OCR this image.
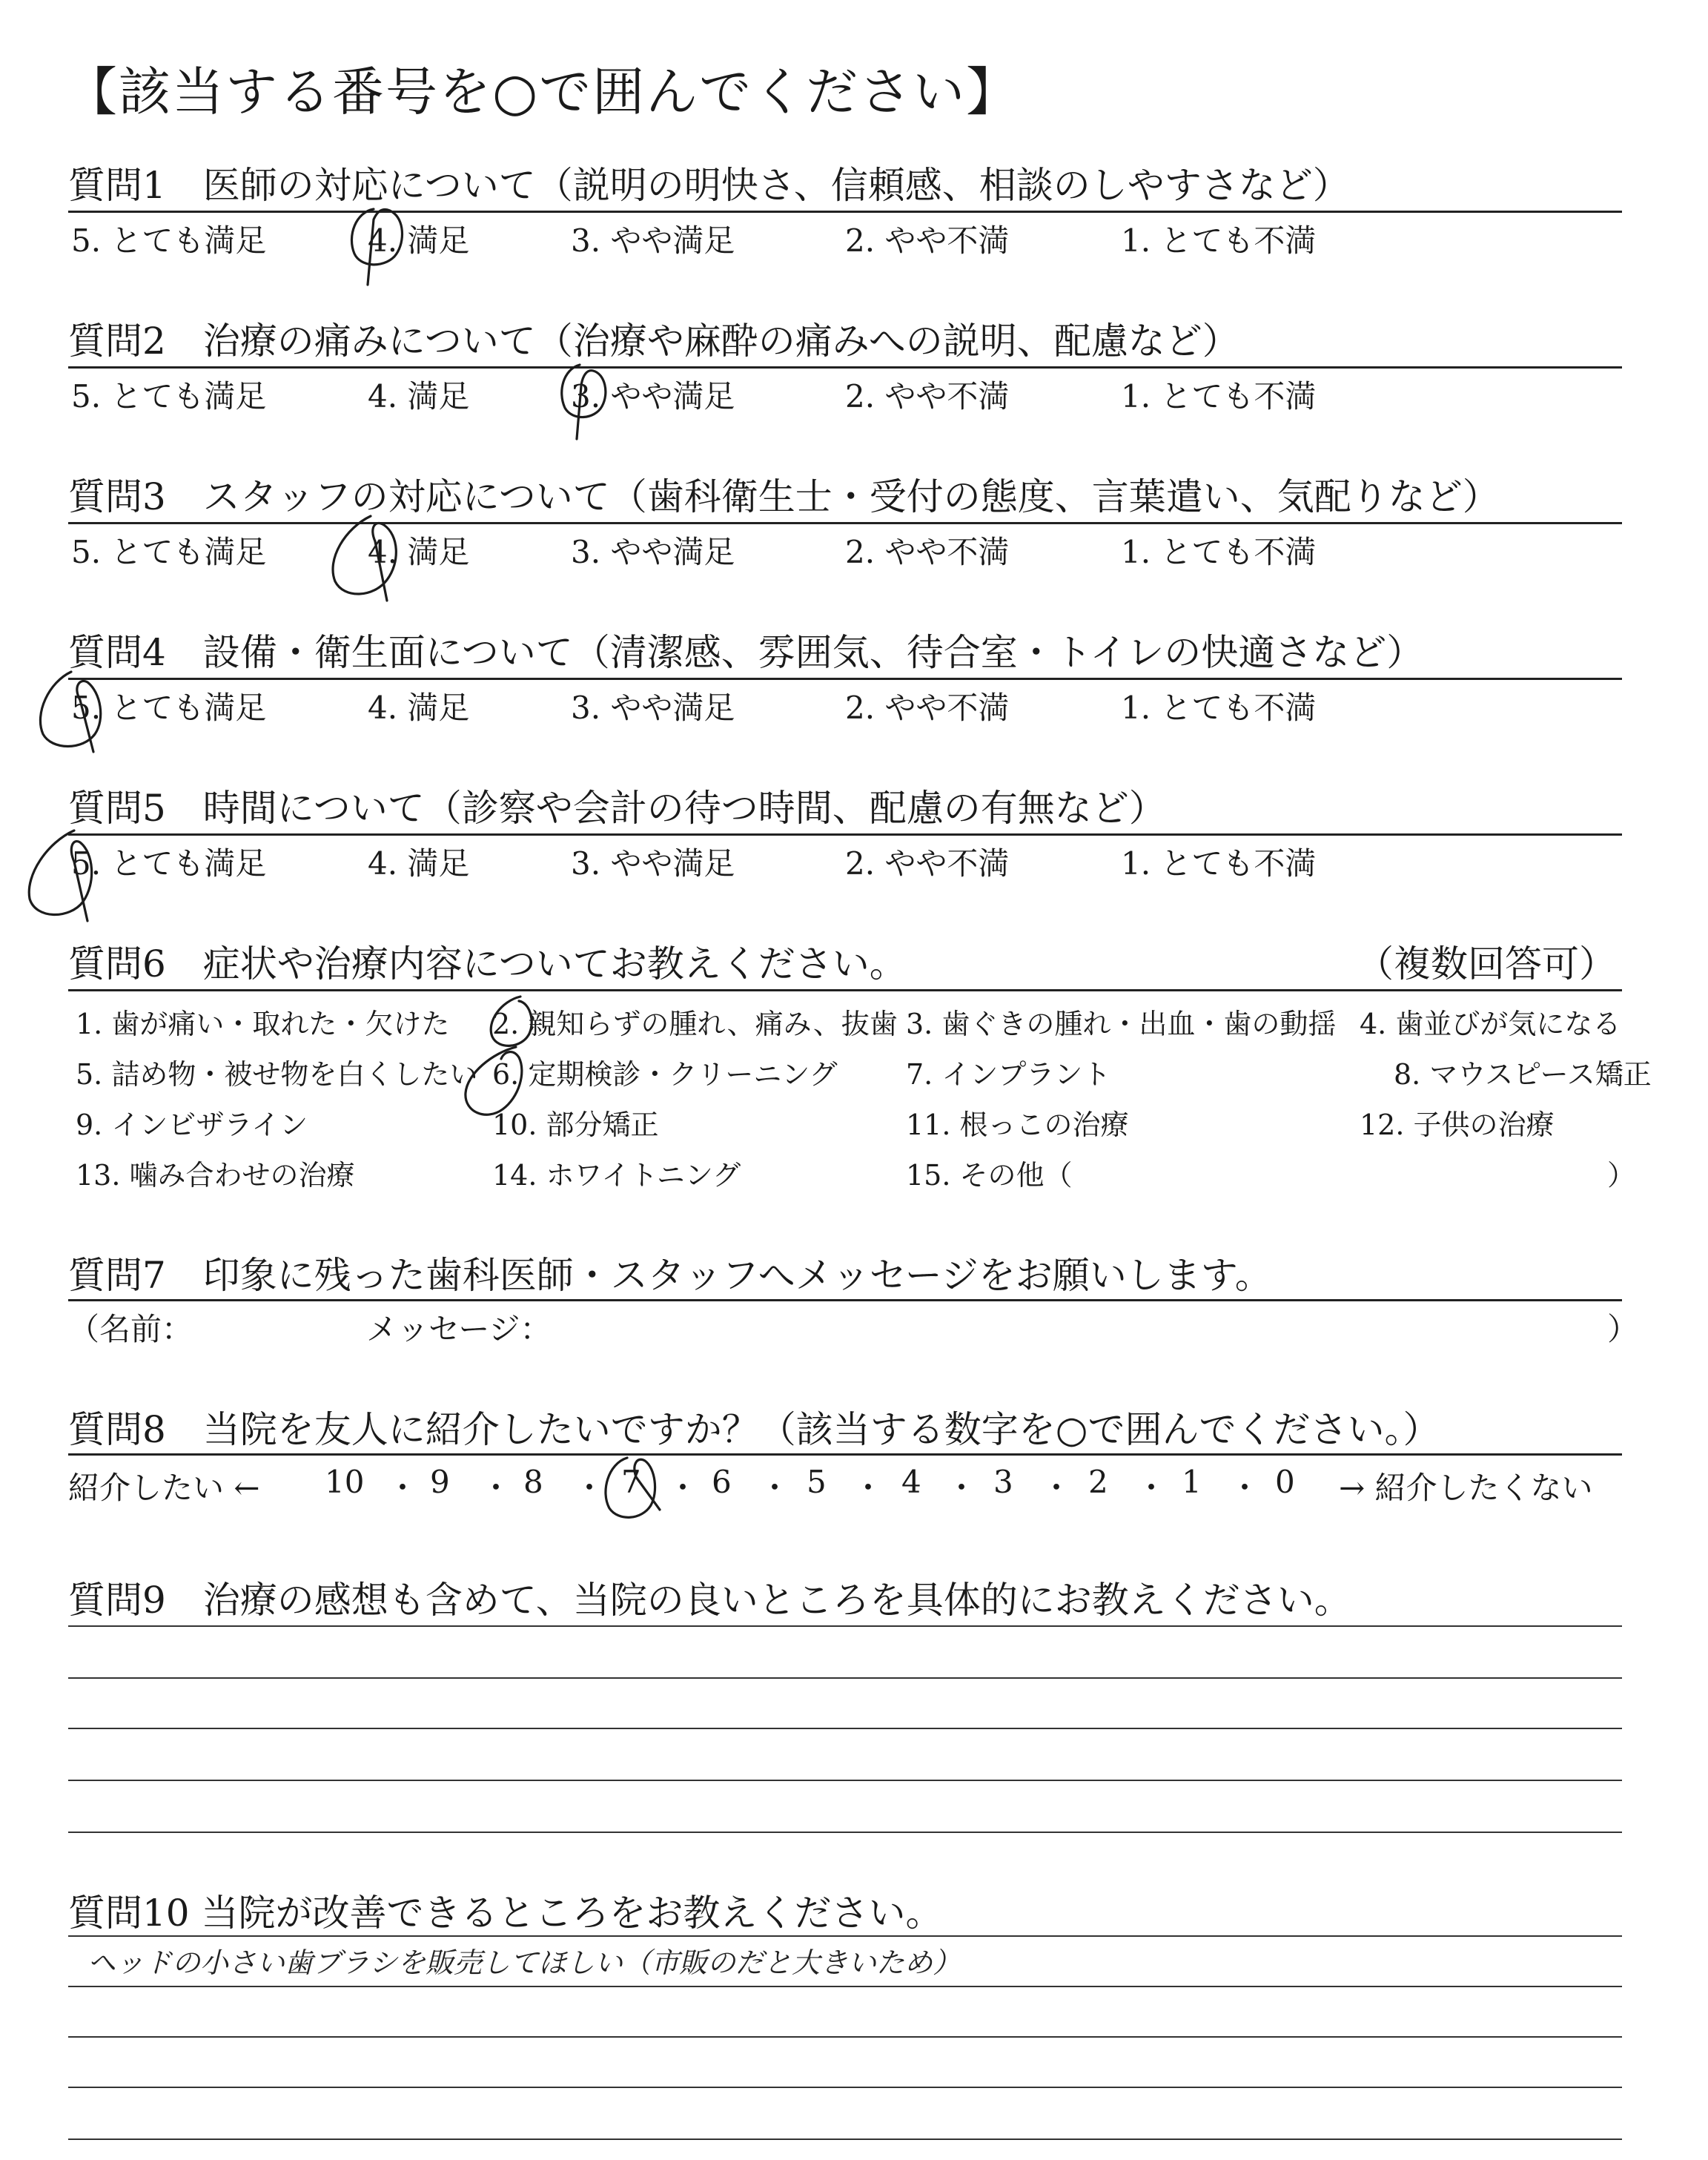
【該当する番号を○で囲んでください】
質問1　医師の対応について（説明の明快さ、信頼感、相談のしやすさなど）
5. とても満足	4. 満足	3. やや満足	2. やや不満	1. とても不満
質問2　治療の痛みについて（治療や麻酔の痛みへの説明、配慮など）
5. とても満足	4. 満足	3. やや満足	2. やや不満	1. とても不満
質問3　スタッフの対応について（歯科衛生士・受付の態度、言葉遣い、気配りなど）
5. とても満足	4. 満足	3. やや満足	2. やや不満	1. とても不満
質問4　設備・衛生面について（清潔感、雰囲気、待合室・トイレの快適さなど）
5. とても満足	4. 満足	3. やや満足	2. やや不満	1. とても不満
質問5　時間について（診察や会計の待つ時間、配慮の有無など）
5. とても満足	4. 満足	3. やや満足	2. やや不満	1. とても不満
質問6　症状や治療内容についてお教えください。	（複数回答可）
1. 歯が痛い・取れた・欠けた 2. 親知らずの腫れ、痛み、抜歯 3. 歯ぐきの腫れ・出血・歯の動揺 4. 歯並びが気になる
5. 詰め物・被せ物を白くしたい 6. 定期検診・クリーニング 7. インプラント	8. マウスピース矯正
9. インビザライン	10. 部分矯正	11. 根っこの治療	12. 子供の治療
13. 噛み合わせの治療	14. ホワイトニング	15. その他（	）
質問7　印象に残った歯科医師・スタッフへメッセージをお願いします。
（名前：	メッセージ：	）
質問8　当院を友人に紹介したいですか？（該当する数字を○で囲んでください。）
紹介したい ←	→ 紹介したくない
10 9 8	7 6 5 4 3 2 1 0
・ ・ ・ ・ ・ ・ ・ ・ ・ ・
質問9　治療の感想も含めて、当院の良いところを具体的にお教えください。
質問10 当院が改善できるところをお教えください。
ヘッドの小さい歯ブラシを販売してほしい（市販のだと大きいため）
